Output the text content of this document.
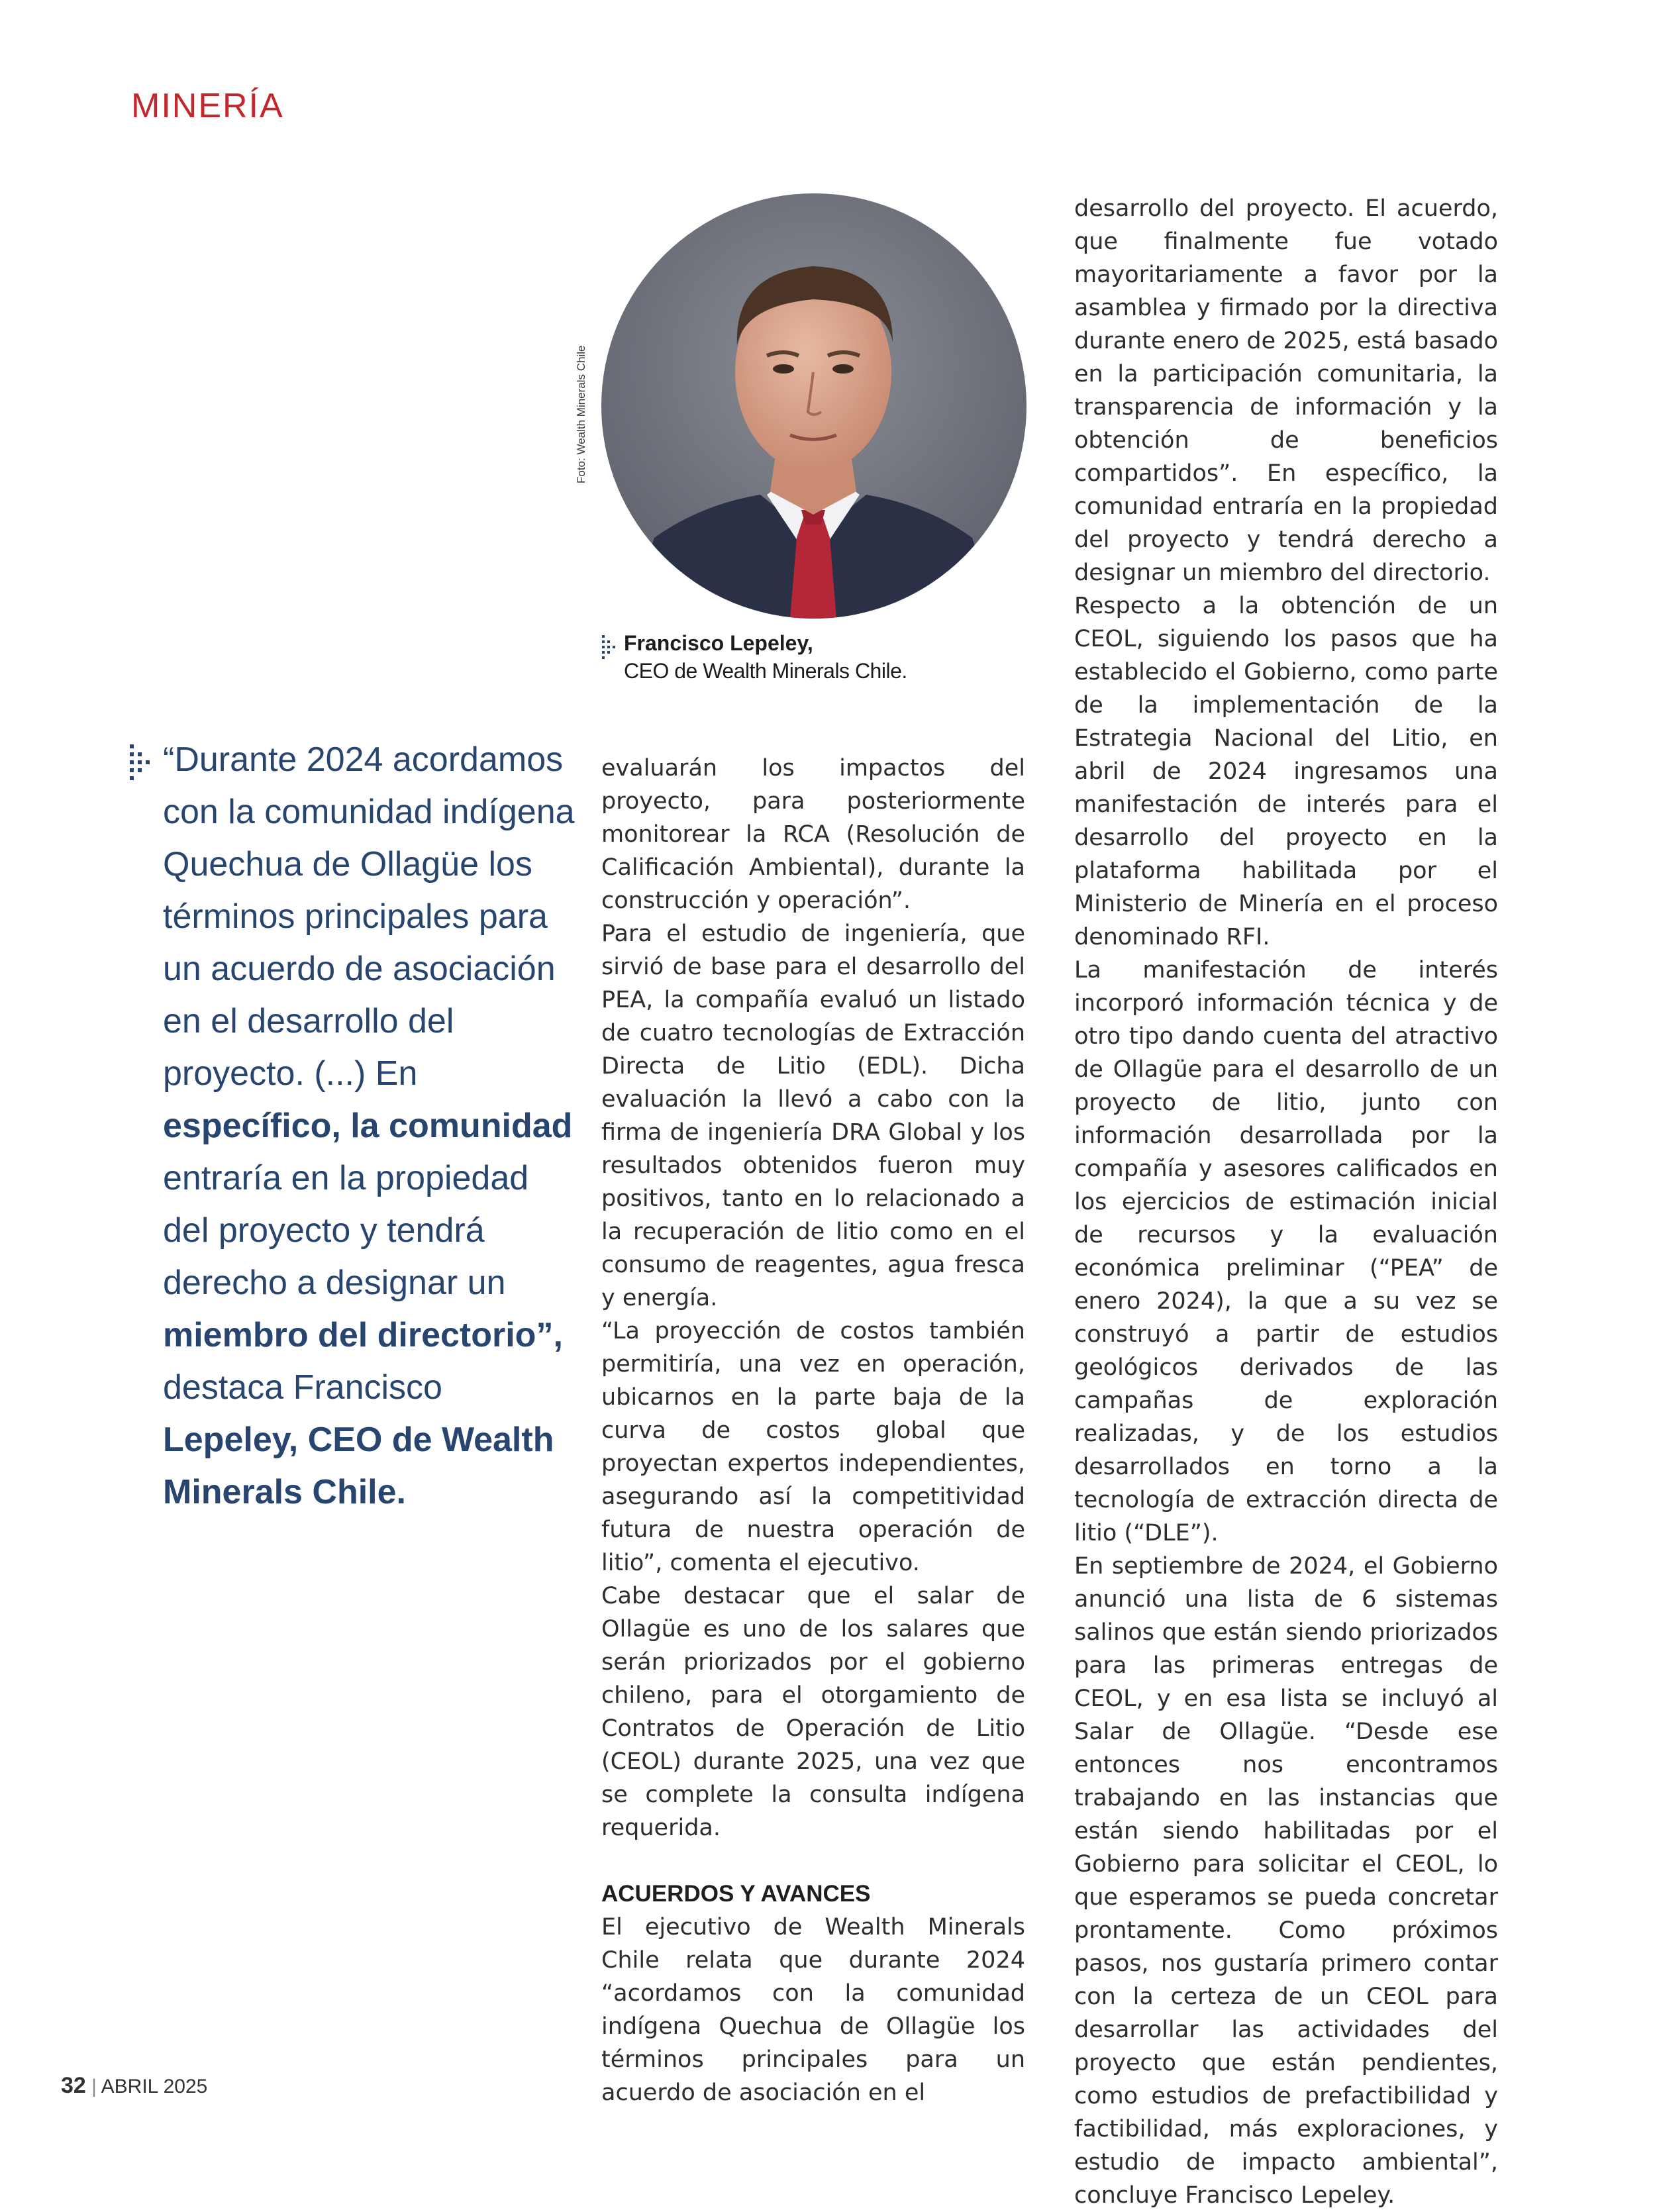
MINERÍA

“Durante 2024 acordamos con la comunidad indígena Quechua de Ollagüe los términos principales para un acuerdo de asociación en el desarrollo del proyecto. (...) En específico, la comunidad entraría en la propiedad del proyecto y tendrá derecho a designar un miembro del directorio”, destaca Francisco Lepeley, CEO de Wealth Minerals Chile.

Foto: Wealth Minerals Chile
Francisco Lepeley,
CEO de Wealth Minerals Chile.

evaluarán los impactos del proyecto, para posteriormente monitorear la RCA (Resolución de Calificación Ambiental), durante la construcción y operación”.

Para el estudio de ingeniería, que sirvió de base para el desarrollo del PEA, la compañía evaluó un listado de cuatro tecnologías de Extracción Directa de Litio (EDL). Dicha evaluación la llevó a cabo con la firma de ingeniería DRA Global y los resultados obtenidos fueron muy positivos, tanto en lo relacionado a la recuperación de litio como en el consumo de reagentes, agua fresca y energía.

“La proyección de costos también permitiría, una vez en operación, ubicarnos en la parte baja de la curva de costos global que proyectan expertos independientes, asegurando así la competitividad futura de nuestra operación de litio”, comenta el ejecutivo.

Cabe destacar que el salar de Ollagüe es uno de los salares que serán priorizados por el gobierno chileno, para el otorgamiento de Contratos de Operación de Litio (CEOL) durante 2025, una vez que se complete la consulta indígena requerida.

ACUERDOS Y AVANCES

El ejecutivo de Wealth Minerals Chile relata que durante 2024 “acordamos con la comunidad indígena Quechua de Ollagüe los términos principales para un acuerdo de asociación en el

desarrollo del proyecto. El acuerdo, que finalmente fue votado mayoritariamente a favor por la asamblea y firmado por la directiva durante enero de 2025, está basado en la participación comunitaria, la transparencia de información y la obtención de beneficios compartidos”. En específico, la comunidad entraría en la propiedad del proyecto y tendrá derecho a designar un miembro del directorio.

Respecto a la obtención de un CEOL, siguiendo los pasos que ha establecido el Gobierno, como parte de la implementación de la Estrategia Nacional del Litio, en abril de 2024 ingresamos una manifestación de interés para el desarrollo del proyecto en la plataforma habilitada por el Ministerio de Minería en el proceso denominado RFI.

La manifestación de interés incorporó información técnica y de otro tipo dando cuenta del atractivo de Ollagüe para el desarrollo de un proyecto de litio, junto con información desarrollada por la compañía y asesores calificados en los ejercicios de estimación inicial de recursos y la evaluación económica preliminar (“PEA” de enero 2024), la que a su vez se construyó a partir de estudios geológicos derivados de las campañas de exploración realizadas, y de los estudios desarrollados en torno a la tecnología de extracción directa de litio (“DLE”).

En septiembre de 2024, el Gobierno anunció una lista de 6 sistemas salinos que están siendo priorizados para las primeras entregas de CEOL, y en esa lista se incluyó al Salar de Ollagüe. “Desde ese entonces nos encontramos trabajando en las instancias que están siendo habilitadas por el Gobierno para solicitar el CEOL, lo que esperamos se pueda concretar prontamente. Como próximos pasos, nos gustaría primero contar con la certeza de un CEOL para desarrollar las actividades del proyecto que están pendientes, como estudios de prefactibilidad y factibilidad, más exploraciones, y estudio de impacto ambiental”, concluye Francisco Lepeley.

32 | ABRIL 2025
